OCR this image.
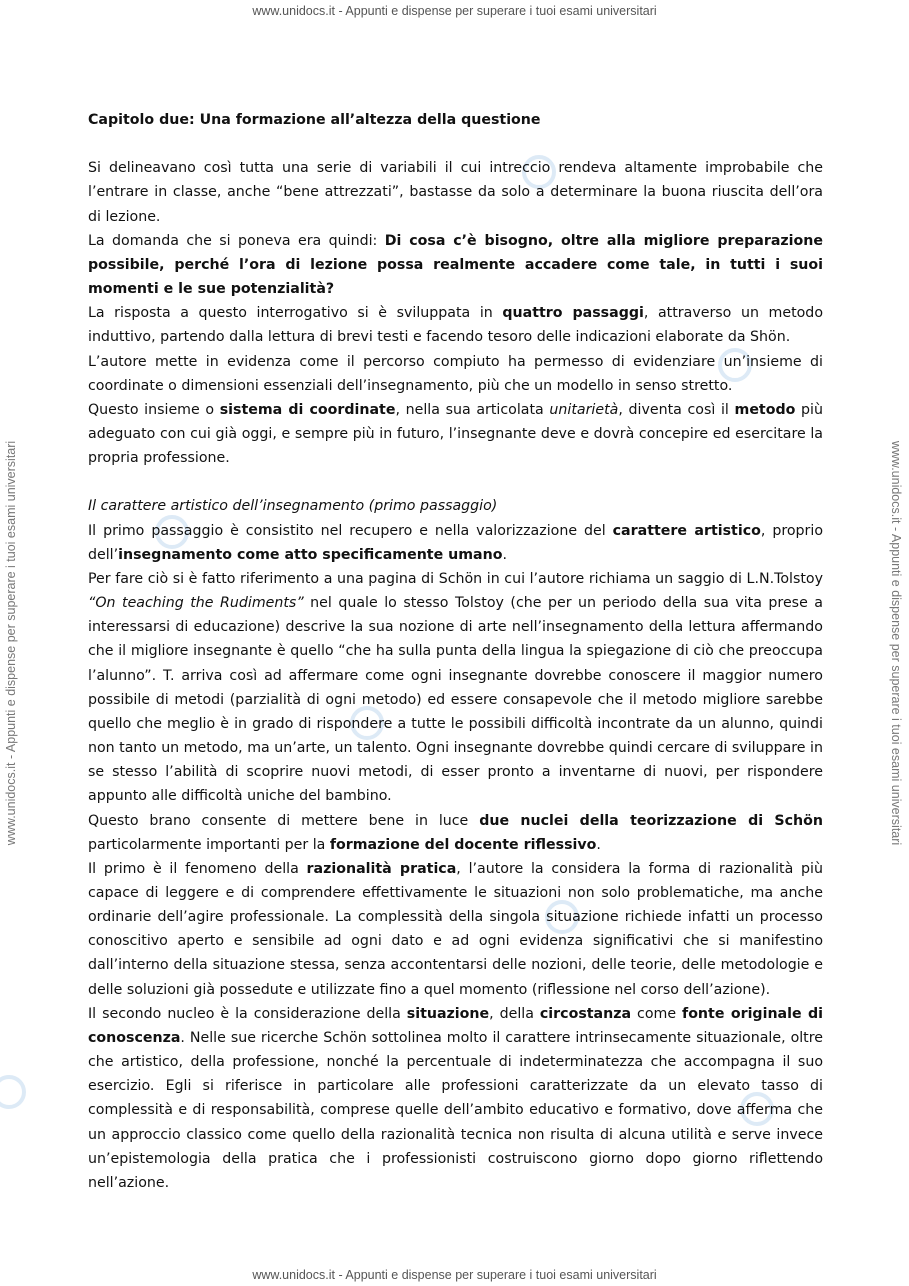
www.unidocs.it - Appunti e dispense per superare i tuoi esami universitari
www.unidocs.it - Appunti e dispense per superare i tuoi esami universitari	www.unidocs.it - Appunti e dispense per superare i tuoi esami universitari

Capitolo due: Una formazione all’altezza della questione

Si delineavano così tutta una serie di variabili il cui intreccio rendeva altamente improbabile che l’entrare in classe, anche “bene attrezzati”, bastasse da solo a determinare la buona riuscita dell’ora di lezione.

La domanda che si poneva era quindi: Di cosa c’è bisogno, oltre alla migliore preparazione possibile, perché l’ora di lezione possa realmente accadere come tale, in tutti i suoi momenti e le sue potenzialità?

La risposta a questo interrogativo si è sviluppata in quattro passaggi, attraverso un metodo induttivo, partendo dalla lettura di brevi testi e facendo tesoro delle indicazioni elaborate da Shön.

L’autore mette in evidenza come il percorso compiuto ha permesso di evidenziare un’insieme di coordinate o dimensioni essenziali dell’insegnamento, più che un modello in senso stretto.

Questo insieme o sistema di coordinate, nella sua articolata unitarietà, diventa così il metodo più adeguato con cui già oggi, e sempre più in futuro, l’insegnante deve e dovrà concepire ed esercitare la propria professione.

Il carattere artistico dell’insegnamento (primo passaggio)

Il primo passaggio è consistito nel recupero e nella valorizzazione del carattere artistico, proprio dell’insegnamento come atto specificamente umano.

Per fare ciò si è fatto riferimento a una pagina di Schön in cui l’autore richiama un saggio di L.N.Tolstoy “On teaching the Rudiments” nel quale lo stesso Tolstoy (che per un periodo della sua vita prese a interessarsi di educazione) descrive la sua nozione di arte nell’insegnamento della lettura affermando che il migliore insegnante è quello “che ha sulla punta della lingua la spiegazione di ciò che preoccupa l’alunno”. T. arriva così ad affermare come ogni insegnante dovrebbe conoscere il maggior numero possibile di metodi (parzialità di ogni metodo) ed essere consapevole che il metodo migliore sarebbe quello che meglio è in grado di rispondere a tutte le possibili difficoltà incontrate da un alunno, quindi non tanto un metodo, ma un’arte, un talento. Ogni insegnante dovrebbe quindi cercare di sviluppare in se stesso l’abilità di scoprire nuovi metodi, di esser pronto a inventarne di nuovi, per rispondere appunto alle difficoltà uniche del bambino.

Questo brano consente di mettere bene in luce due nuclei della teorizzazione di Schön particolarmente importanti per la formazione del docente riflessivo.

Il primo è il fenomeno della razionalità pratica, l’autore la considera la forma di razionalità più capace di leggere e di comprendere effettivamente le situazioni non solo problematiche, ma anche ordinarie dell’agire professionale. La complessità della singola situazione richiede infatti un processo conoscitivo aperto e sensibile ad ogni dato e ad ogni evidenza significativi che si manifestino dall’interno della situazione stessa, senza accontentarsi delle nozioni, delle teorie, delle metodologie e delle soluzioni già possedute e utilizzate fino a quel momento (riflessione nel corso dell’azione).

Il secondo nucleo è la considerazione della situazione, della circostanza come fonte originale di conoscenza. Nelle sue ricerche Schön sottolinea molto il carattere intrinsecamente situazionale, oltre che artistico, della professione, nonché la percentuale di indeterminatezza che accompagna il suo esercizio. Egli si riferisce in particolare alle professioni caratterizzate da un elevato tasso di complessità e di responsabilità, comprese quelle dell’ambito educativo e formativo, dove afferma che un approccio classico come quello della razionalità tecnica non risulta di alcuna utilità e serve invece un’epistemologia della pratica che i professionisti costruiscono giorno dopo giorno riflettendo nell’azione.

www.unidocs.it - Appunti e dispense per superare i tuoi esami universitari
